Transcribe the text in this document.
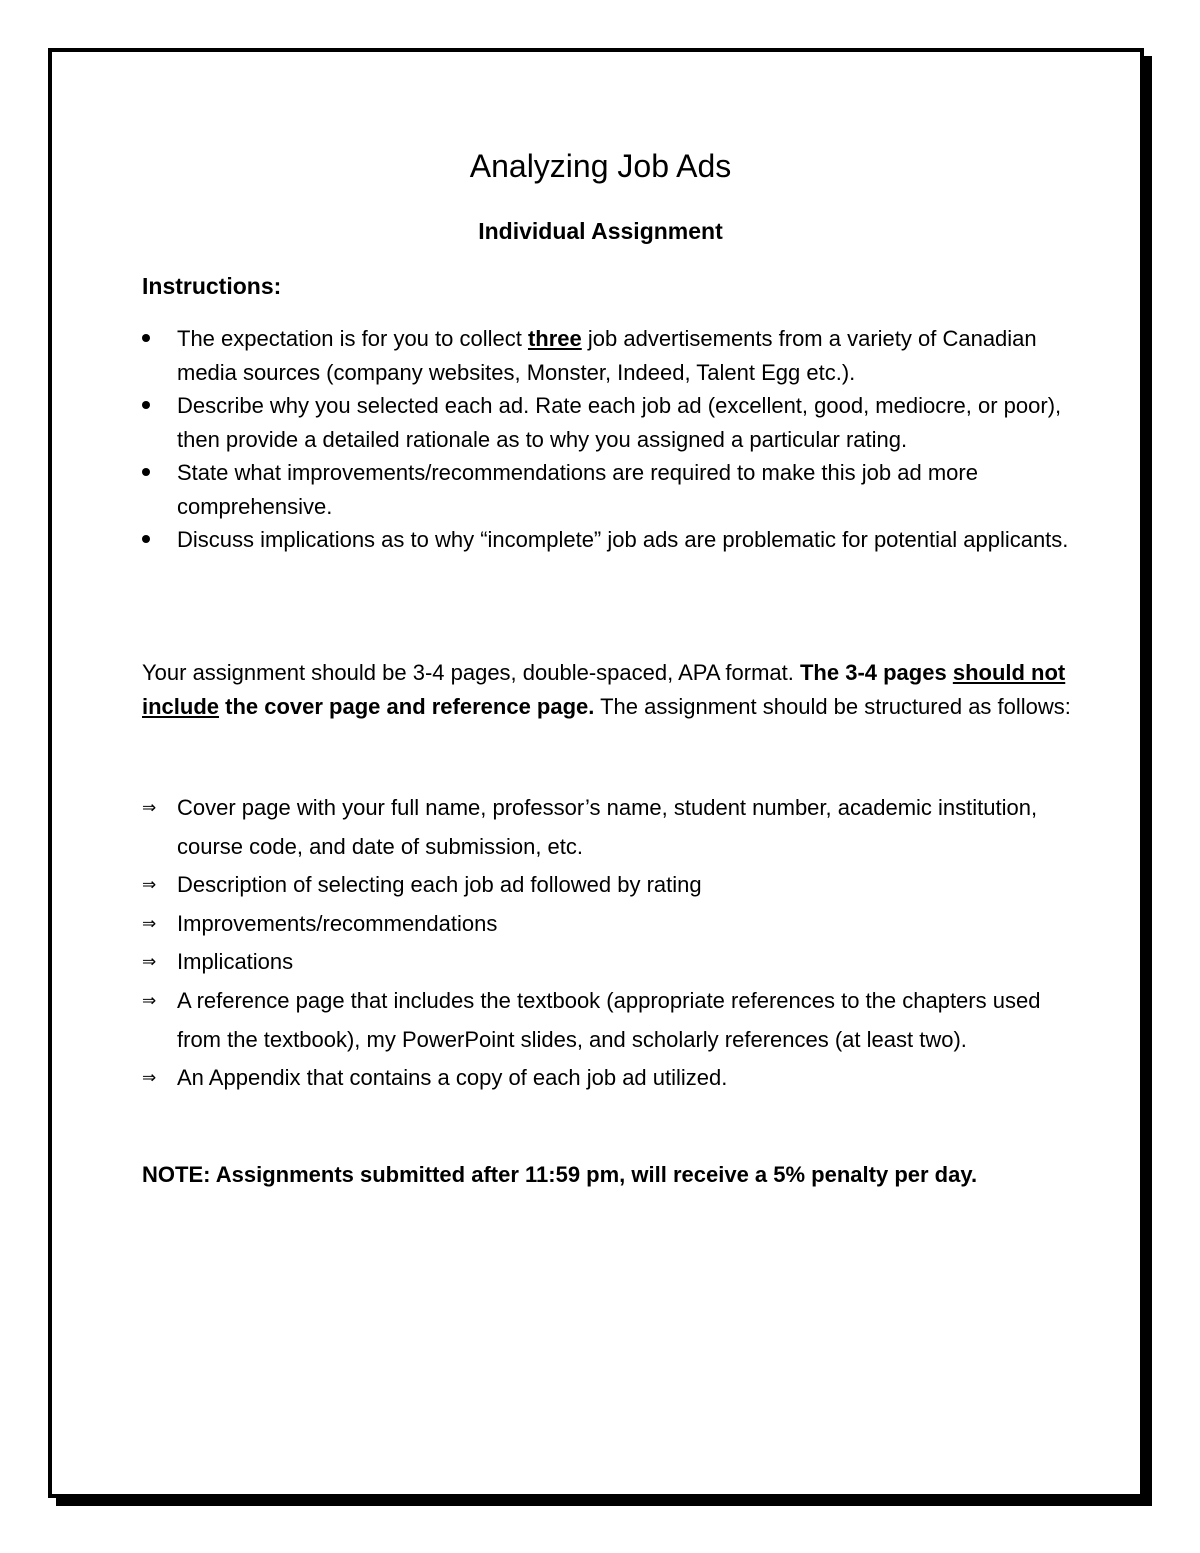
Analyzing Job Ads
Individual Assignment
Instructions:
The expectation is for you to collect three job advertisements from a variety of Canadian media sources (company websites, Monster, Indeed, Talent Egg etc.).
Describe why you selected each ad. Rate each job ad (excellent, good, mediocre, or poor), then provide a detailed rationale as to why you assigned a particular rating.
State what improvements/recommendations are required to make this job ad more comprehensive.
Discuss implications as to why “incomplete” job ads are problematic for potential applicants.

Your assignment should be 3-4 pages, double-spaced, APA format. The 3-4 pages should not include the cover page and reference page. The assignment should be structured as follows:

⇒ Cover page with your full name, professor’s name, student number, academic institution, course code, and date of submission, etc.
⇒ Description of selecting each job ad followed by rating
⇒ Improvements/recommendations
⇒ Implications
⇒ A reference page that includes the textbook (appropriate references to the chapters used from the textbook), my PowerPoint slides, and scholarly references (at least two).
⇒ An Appendix that contains a copy of each job ad utilized.

NOTE: Assignments submitted after 11:59 pm, will receive a 5% penalty per day.
